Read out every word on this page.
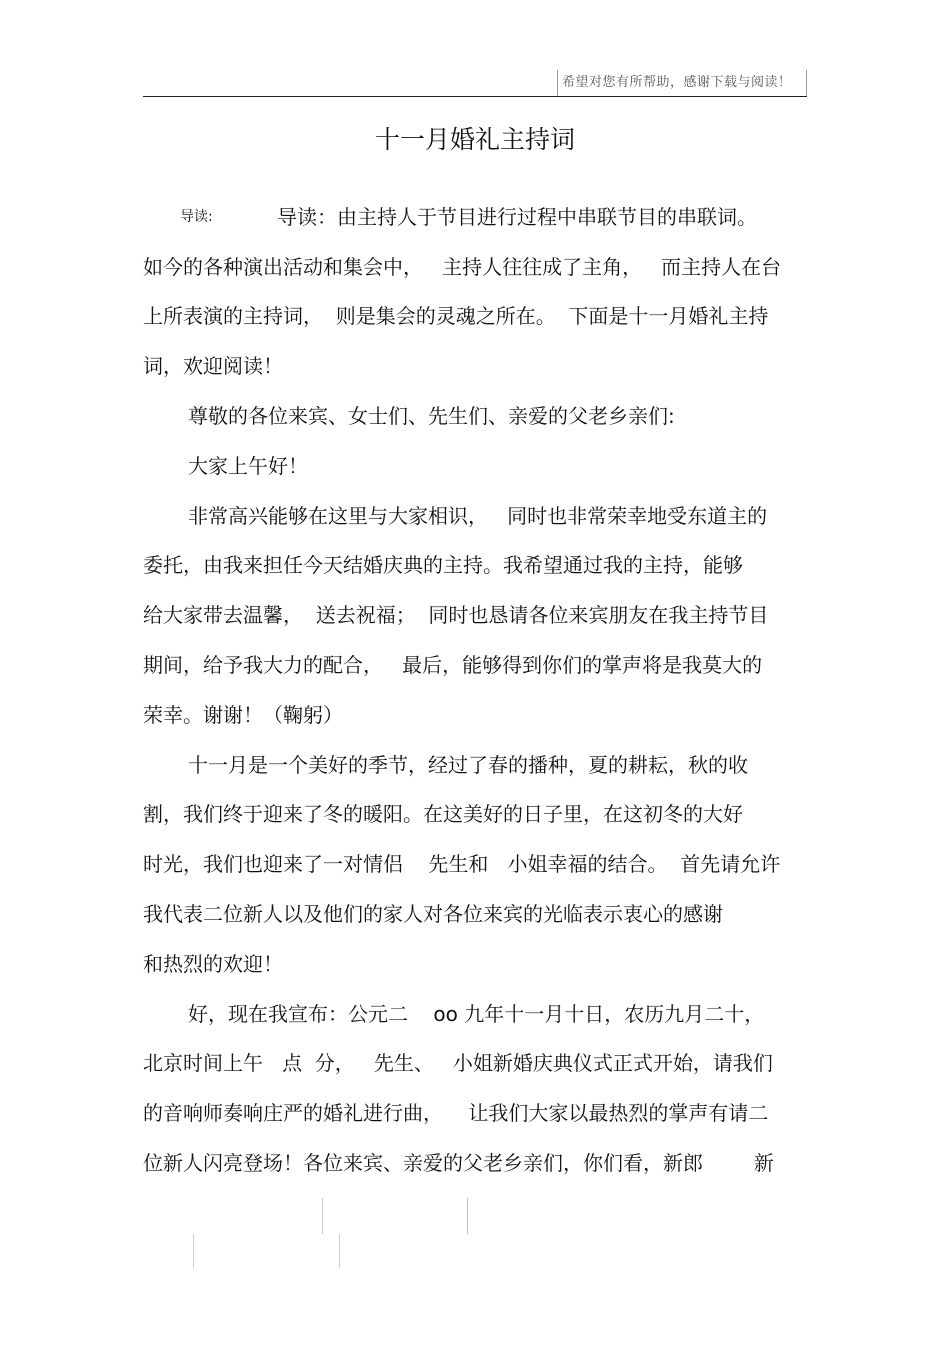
希望对您有所帮助，感谢下载与阅读！
十一月婚礼主持词
导读:	导读：由主持人于节目进行过程中串联节目的串联词。
如今的各种演出活动和集会中，   主持人往往成了主角，   而主持人在台
上所表演的主持词，  则是集会的灵魂之所在。  下面是十一月婚礼主持
词，欢迎阅读！
尊敬的各位来宾、女士们、先生们、亲爱的父老乡亲们:
大家上午好！
非常高兴能够在这里与大家相识，   同时也非常荣幸地受东道主的
委托，由我来担任今天结婚庆典的主持。我希望通过我的主持，能够
给大家带去温馨，  送去祝福；  同时也恳请各位来宾朋友在我主持节目
期间，给予我大力的配合，   最后，能够得到你们的掌声将是我莫大的
荣幸。谢谢！（鞠躬）
十一月是一个美好的季节，经过了春的播种，夏的耕耘，秋的收
割，我们终于迎来了冬的暖阳。在这美好的日子里，在这初冬的大好
时光，我们也迎来了一对情侣    先生和   小姐幸福的结合。  首先请允许
我代表二位新人以及他们的家人对各位来宾的光临表示衷心的感谢
和热烈的欢迎！
好，现在我宣布：公元二    oo 九年十一月十日，农历九月二十，
北京时间上午   点  分，   先生、   小姐新婚庆典仪式正式开始，请我们
的音响师奏响庄严的婚礼进行曲，    让我们大家以最热烈的掌声有请二
位新人闪亮登场！各位来宾、亲爱的父老乡亲们，你们看，新郎        新
